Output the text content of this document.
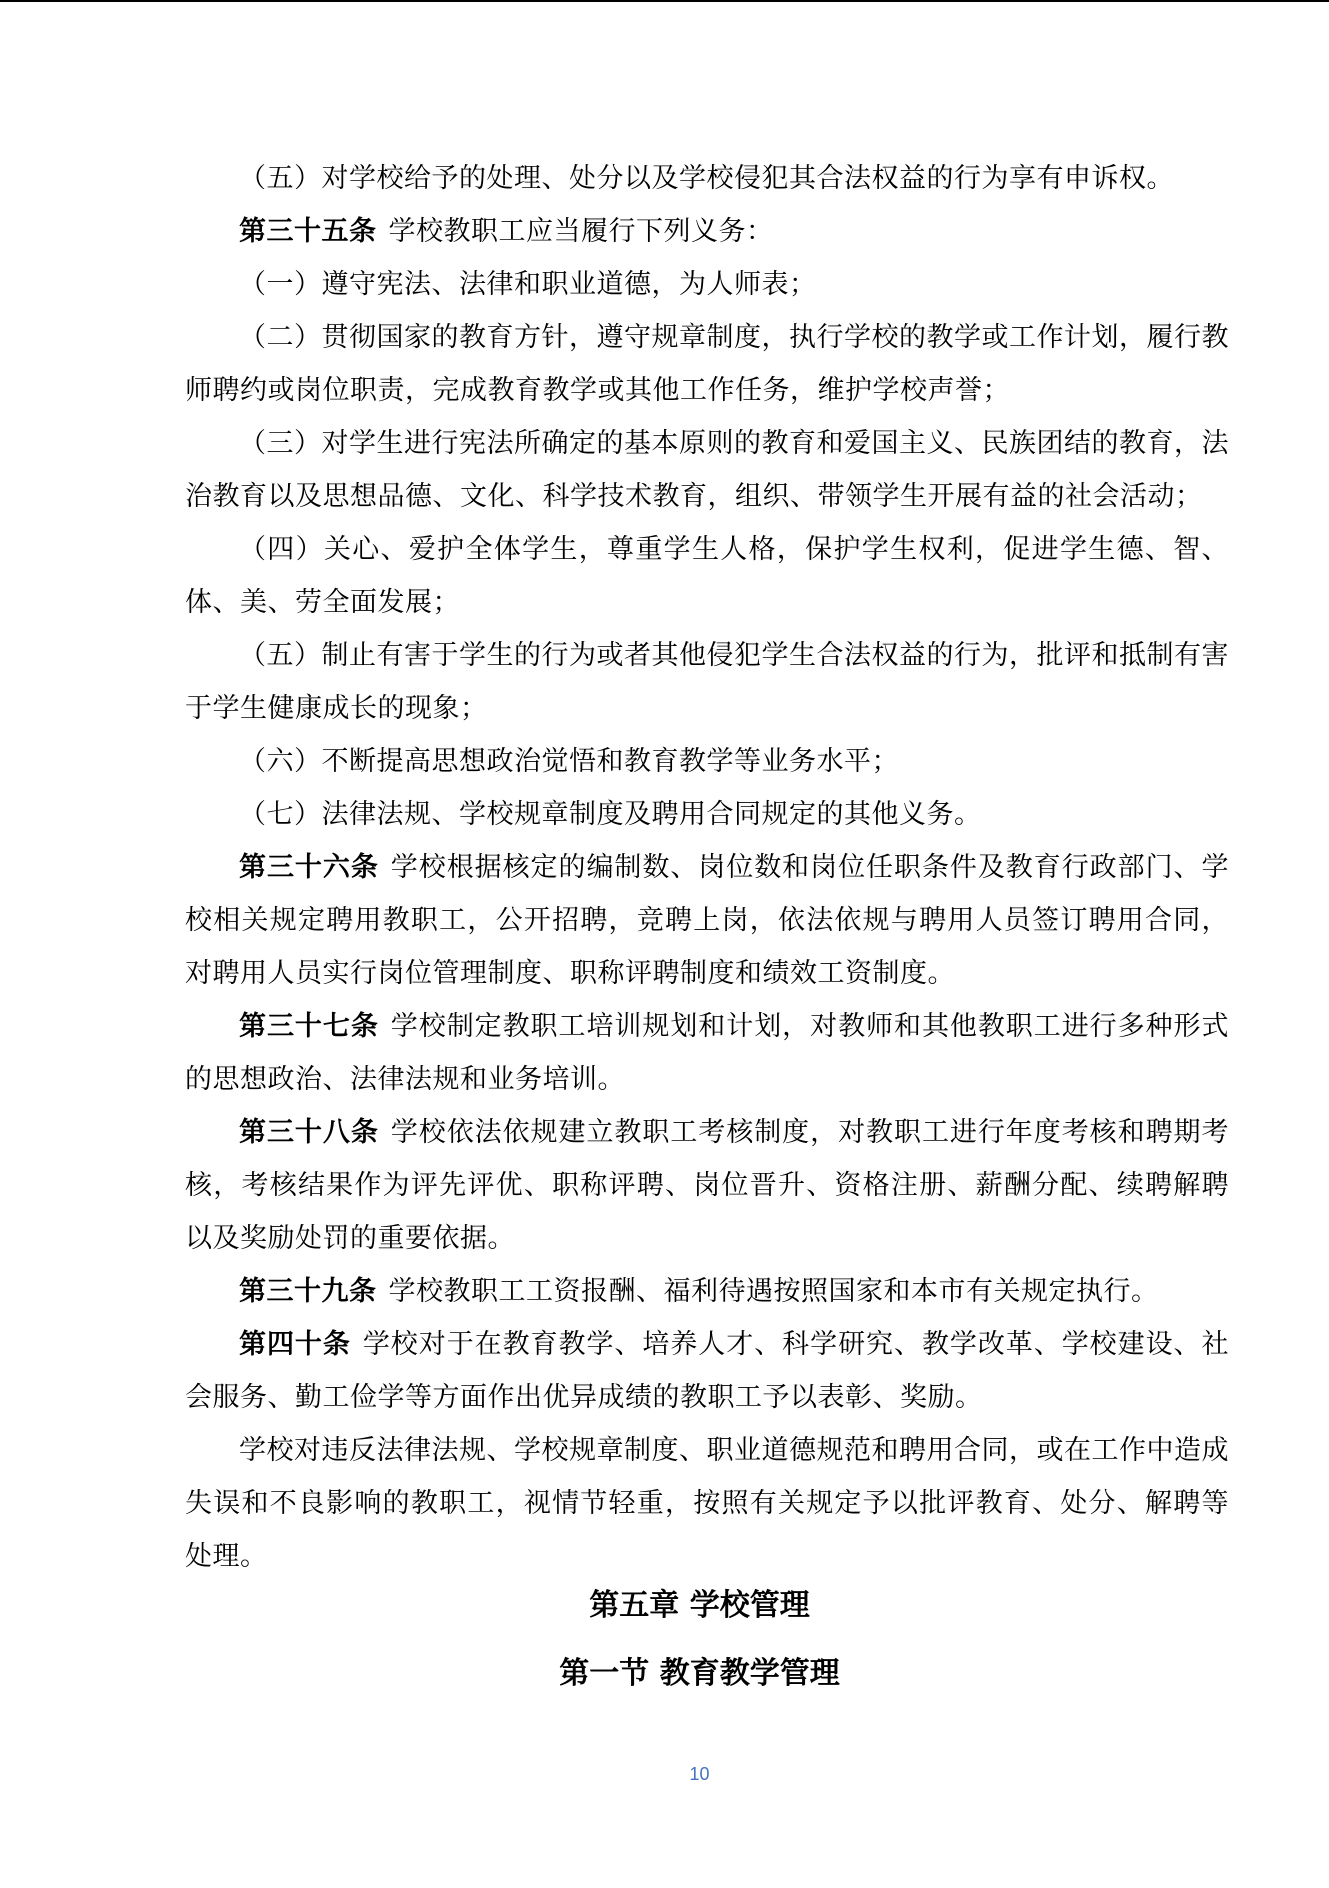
（五）对学校给予的处理、处分以及学校侵犯其合法权益的行为享有申诉权。

第三十五条 学校教职工应当履行下列义务：

（一）遵守宪法、法律和职业道德，为人师表；

（二）贯彻国家的教育方针，遵守规章制度，执行学校的教学或工作计划，履行教师聘约或岗位职责，完成教育教学或其他工作任务，维护学校声誉；

（三）对学生进行宪法所确定的基本原则的教育和爱国主义、民族团结的教育，法治教育以及思想品德、文化、科学技术教育，组织、带领学生开展有益的社会活动；

（四）关心、爱护全体学生，尊重学生人格，保护学生权利，促进学生德、智、体、美、劳全面发展；

（五）制止有害于学生的行为或者其他侵犯学生合法权益的行为，批评和抵制有害于学生健康成长的现象；

（六）不断提高思想政治觉悟和教育教学等业务水平；

（七）法律法规、学校规章制度及聘用合同规定的其他义务。

第三十六条 学校根据核定的编制数、岗位数和岗位任职条件及教育行政部门、学校相关规定聘用教职工，公开招聘，竞聘上岗，依法依规与聘用人员签订聘用合同，对聘用人员实行岗位管理制度、职称评聘制度和绩效工资制度。

第三十七条 学校制定教职工培训规划和计划，对教师和其他教职工进行多种形式的思想政治、法律法规和业务培训。

第三十八条 学校依法依规建立教职工考核制度，对教职工进行年度考核和聘期考核，考核结果作为评先评优、职称评聘、岗位晋升、资格注册、薪酬分配、续聘解聘以及奖励处罚的重要依据。

第三十九条 学校教职工工资报酬、福利待遇按照国家和本市有关规定执行。

第四十条 学校对于在教育教学、培养人才、科学研究、教学改革、学校建设、社会服务、勤工俭学等方面作出优异成绩的教职工予以表彰、奖励。

学校对违反法律法规、学校规章制度、职业道德规范和聘用合同，或在工作中造成失误和不良影响的教职工，视情节轻重，按照有关规定予以批评教育、处分、解聘等处理。

第五章 学校管理
第一节 教育教学管理
10
